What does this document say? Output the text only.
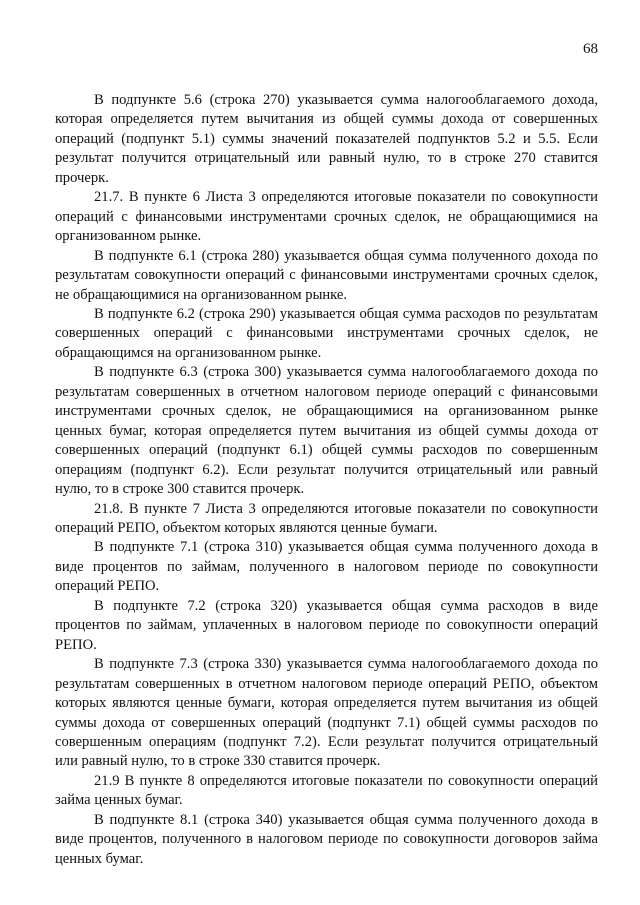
68

В подпункте 5.6 (строка 270) указывается сумма налогооблагаемого дохода, которая определяется путем вычитания из общей суммы дохода от совершенных операций (подпункт 5.1) суммы значений показателей подпунктов 5.2 и 5.5. Если результат получится отрицательный или равный нулю, то в строке 270 ставится прочерк.

21.7. В пункте 6 Листа 3 определяются итоговые показатели по совокупности операций с финансовыми инструментами срочных сделок, не обращающимися на организованном рынке.

В подпункте 6.1 (строка 280) указывается общая сумма полученного дохода по результатам совокупности операций с финансовыми инструментами срочных сделок, не обращающимися на организованном рынке.

В подпункте 6.2 (строка 290) указывается общая сумма расходов по результатам совершенных операций с финансовыми инструментами срочных сделок, не обращающимся на организованном рынке.

В подпункте 6.3 (строка 300) указывается сумма налогооблагаемого дохода по результатам совершенных в отчетном налоговом периоде операций с финансовыми инструментами срочных сделок, не обращающимися на организованном рынке ценных бумаг, которая определяется путем вычитания из общей суммы дохода от совершенных операций (подпункт 6.1) общей суммы расходов по совершенным операциям (подпункт 6.2). Если результат получится отрицательный или равный нулю, то в строке 300 ставится прочерк.

21.8. В пункте 7 Листа 3 определяются итоговые показатели по совокупности операций РЕПО, объектом которых являются ценные бумаги.

В подпункте 7.1 (строка 310) указывается общая сумма полученного дохода в виде процентов по займам, полученного в налоговом периоде по совокупности операций РЕПО.

В подпункте 7.2 (строка 320) указывается общая сумма расходов в виде процентов по займам, уплаченных в налоговом периоде по совокупности операций РЕПО.

В подпункте 7.3 (строка 330) указывается сумма налогооблагаемого дохода по результатам совершенных в отчетном налоговом периоде операций РЕПО, объектом которых являются ценные бумаги, которая определяется путем вычитания из общей суммы дохода от совершенных операций (подпункт 7.1) общей суммы расходов по совершенным операциям (подпункт 7.2). Если результат получится отрицательный или равный нулю, то в строке 330 ставится прочерк.

21.9 В пункте 8 определяются итоговые показатели по совокупности операций займа ценных бумаг.

В подпункте 8.1 (строка 340) указывается общая сумма полученного дохода в виде процентов, полученного в налоговом периоде по совокупности договоров займа ценных бумаг.
